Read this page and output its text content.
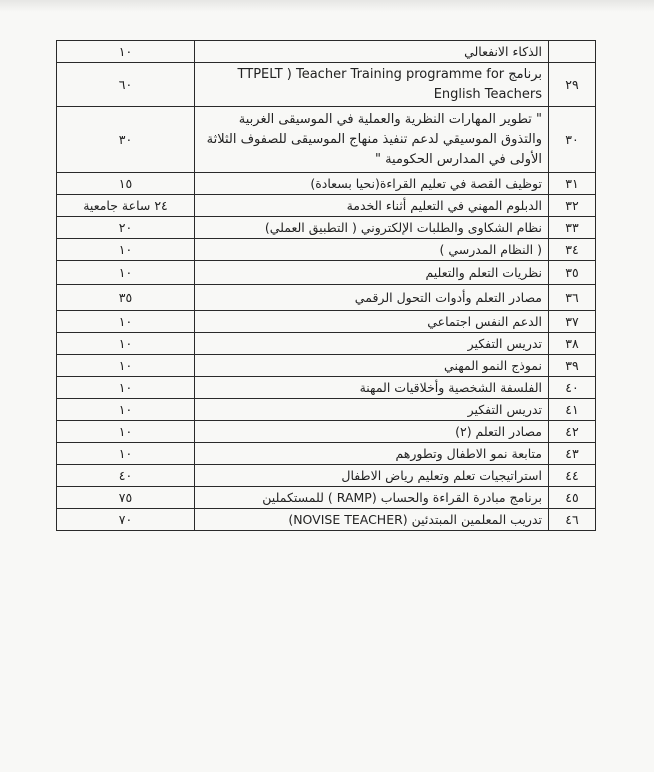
	الذكاء الانفعالي	١٠
٢٩	برنامج TTPELT ) Teacher Training programme for English Teachers	٦٠
٣٠	" تطوير المهارات النظرية والعملية في الموسيقى الغربية والتذوق الموسيقي لدعم تنفيذ منهاج الموسيقى للصفوف الثلاثة الأولى في المدارس الحكومية "	٣٠
٣١	توظيف القصة في تعليم القراءة(نحيا بسعادة)	١٥
٣٢	الدبلوم المهني في التعليم أثناء الخدمة	٢٤ ساعة جامعية
٣٣	نظام الشكاوى والطلبات الإلكتروني ( التطبيق العملي)	٢٠
٣٤	( النظام المدرسي )	١٠
٣٥	نظريات التعلم والتعليم	١٠
٣٦	مصادر التعلم وأدوات التحول الرقمي	٣٥
٣٧	الدعم النفس اجتماعي	١٠
٣٨	تدريس التفكير	١٠
٣٩	نموذج النمو المهني	١٠
٤٠	الفلسفة الشخصية وأخلاقيات المهنة	١٠
٤١	تدريس التفكير	١٠
٤٢	مصادر التعلم (٢)	١٠
٤٣	متابعة نمو الاطفال وتطورهم	١٠
٤٤	استراتيجيات تعلم وتعليم رياض الاطفال	٤٠
٤٥	برنامج مبادرة القراءة والحساب (RAMP ) للمستكملين	٧٥
٤٦	تدريب المعلمين المبتدئين (NOVISE TEACHER)	٧٠
